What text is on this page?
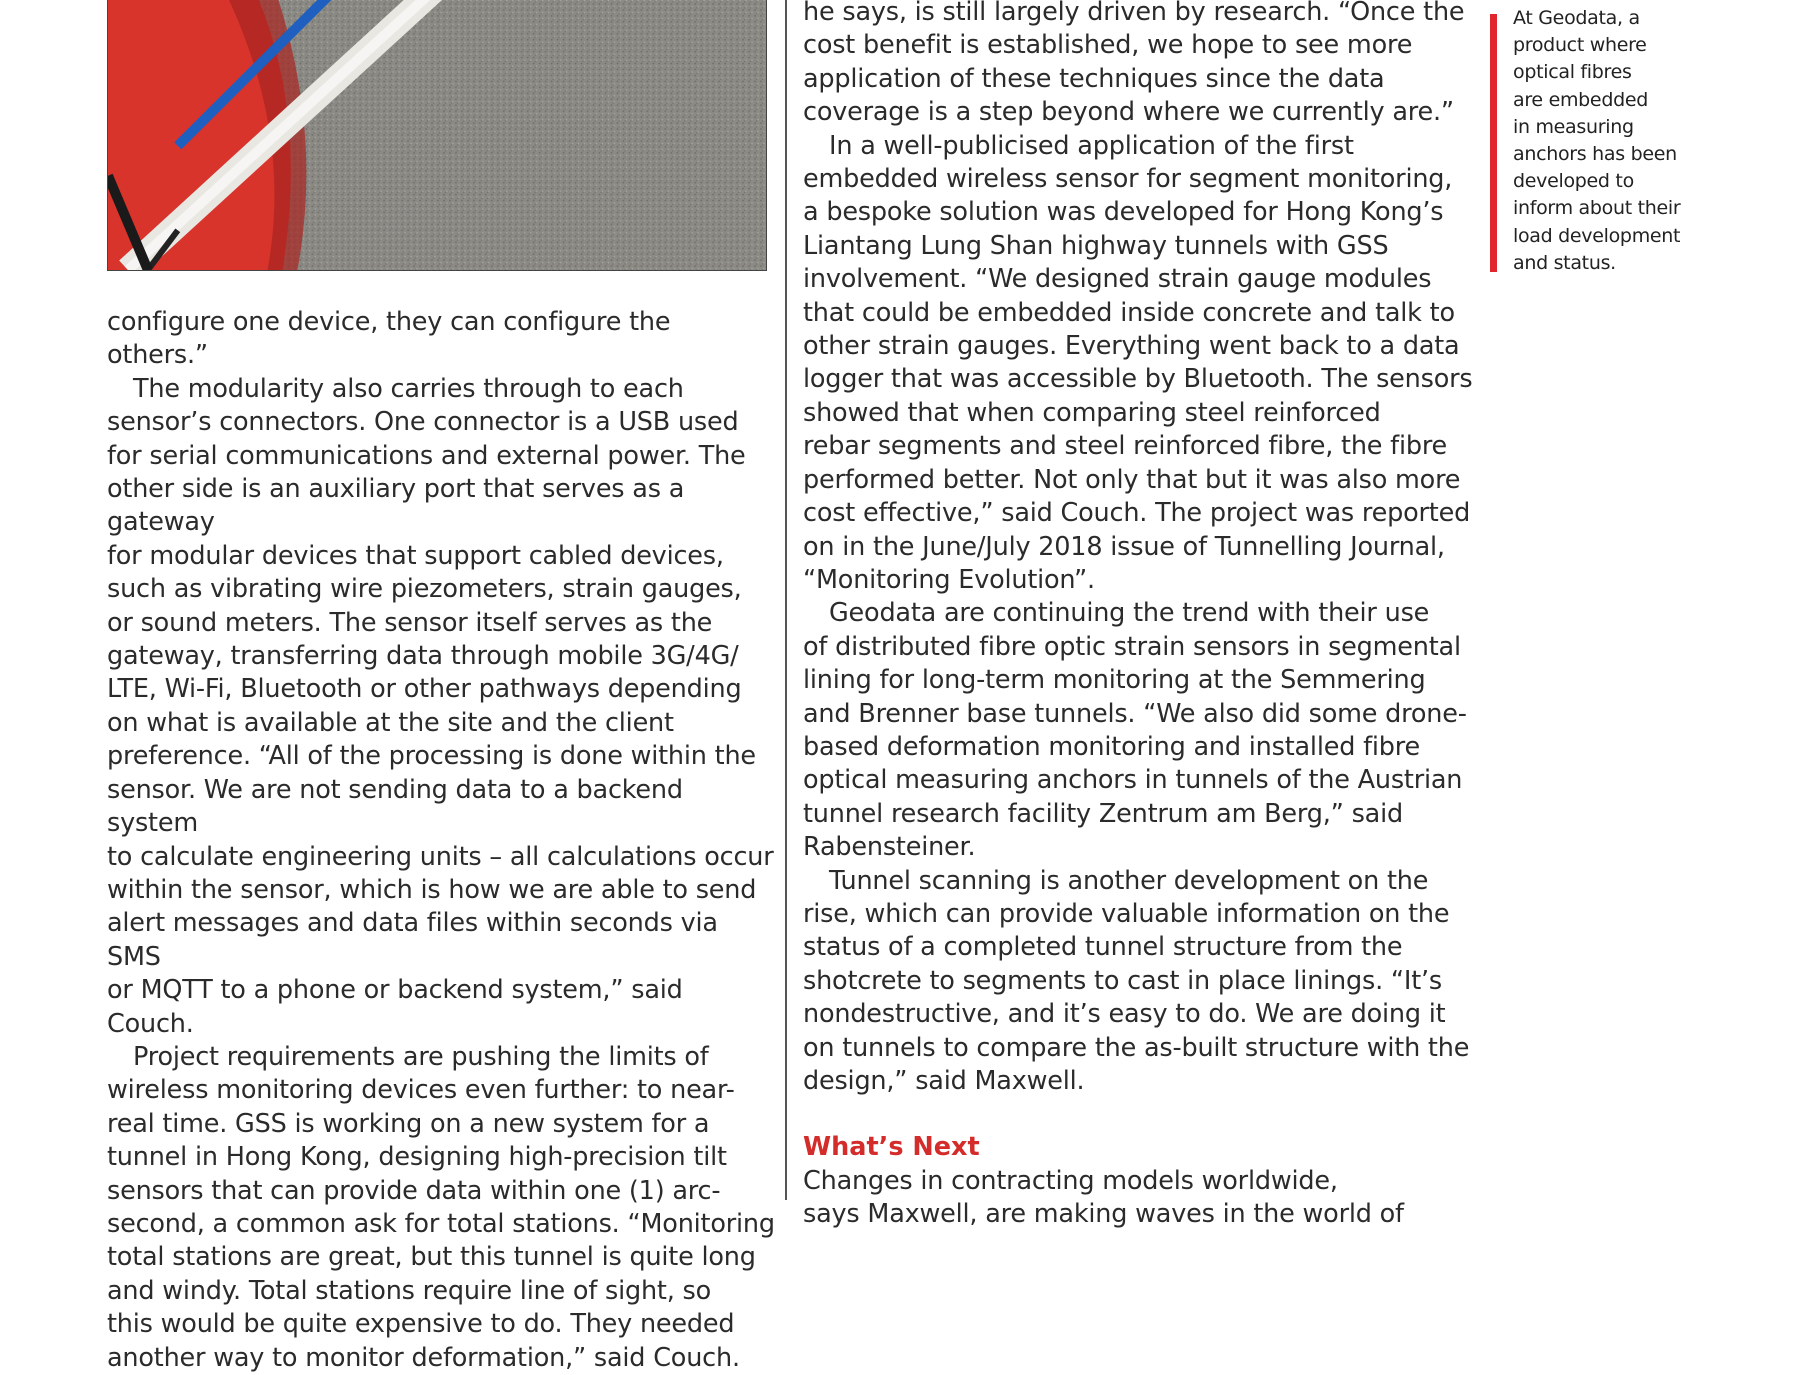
configure one device, they can configure the others.”

The modularity also carries through to each
sensor’s connectors. One connector is a USB used
for serial communications and external power. The
other side is an auxiliary port that serves as a gateway
for modular devices that support cabled devices,
such as vibrating wire piezometers, strain gauges,
or sound meters. The sensor itself serves as the
gateway, transferring data through mobile 3G/4G/
LTE, Wi-Fi, Bluetooth or other pathways depending
on what is available at the site and the client
preference. “All of the processing is done within the
sensor. We are not sending data to a backend system
to calculate engineering units – all calculations occur
within the sensor, which is how we are able to send
alert messages and data files within seconds via SMS
or MQTT to a phone or backend system,” said Couch.

Project requirements are pushing the limits of
wireless monitoring devices even further: to near-
real time. GSS is working on a new system for a
tunnel in Hong Kong, designing high-precision tilt
sensors that can provide data within one (1) arc-
second, a common ask for total stations. “Monitoring
total stations are great, but this tunnel is quite long
and windy. Total stations require line of sight, so
this would be quite expensive to do. They needed
another way to monitor deformation,” said Couch.

he says, is still largely driven by research. “Once the
cost benefit is established, we hope to see more
application of these techniques since the data
coverage is a step beyond where we currently are.”

In a well-publicised application of the first
embedded wireless sensor for segment monitoring,
a bespoke solution was developed for Hong Kong’s
Liantang Lung Shan highway tunnels with GSS
involvement. “We designed strain gauge modules
that could be embedded inside concrete and talk to
other strain gauges. Everything went back to a data
logger that was accessible by Bluetooth. The sensors
showed that when comparing steel reinforced
rebar segments and steel reinforced fibre, the fibre
performed better. Not only that but it was also more
cost effective,” said Couch. The project was reported
on in the June/July 2018 issue of Tunnelling Journal,
“Monitoring Evolution”.

Geodata are continuing the trend with their use
of distributed fibre optic strain sensors in segmental
lining for long-term monitoring at the Semmering
and Brenner base tunnels. “We also did some drone-
based deformation monitoring and installed fibre
optical measuring anchors in tunnels of the Austrian
tunnel research facility Zentrum am Berg,” said
Rabensteiner.

Tunnel scanning is another development on the
rise, which can provide valuable information on the
status of a completed tunnel structure from the
shotcrete to segments to cast in place linings. “It’s
nondestructive, and it’s easy to do. We are doing it
on tunnels to compare the as-built structure with the
design,” said Maxwell.

What’s Next

Changes in contracting models worldwide,
says Maxwell, are making waves in the world of

At Geodata, a
product where
optical fibres
are embedded
in measuring
anchors has been
developed to
inform about their
load development
and status.
